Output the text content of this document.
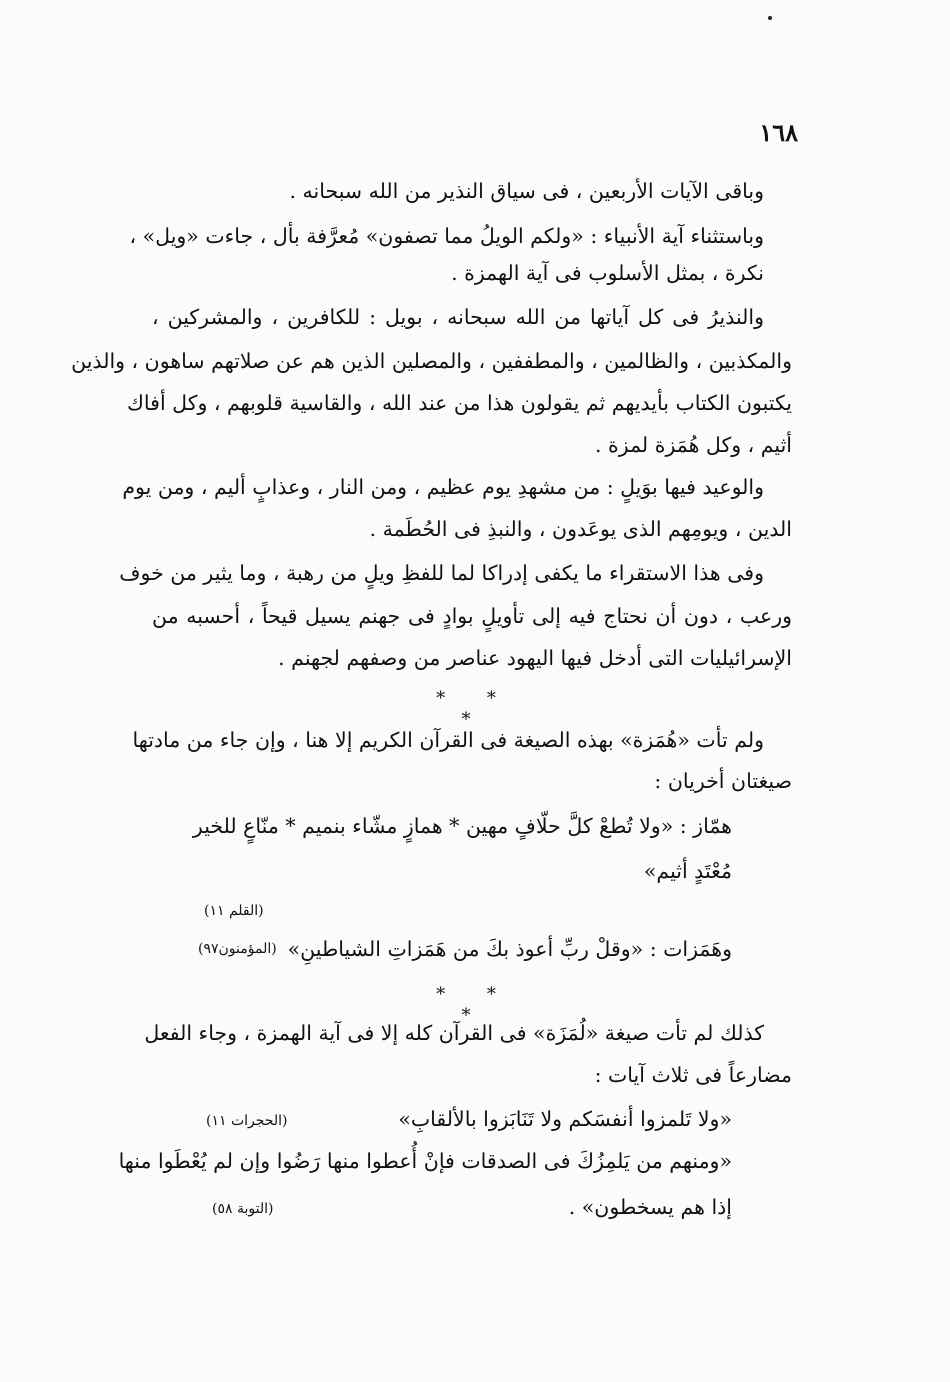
١٦٨
وباقى الآيات الأربعين ، فى سياق النذير من الله سبحانه .
وباستثناء آية الأنبياء : «ولكم الويلُ مما تصفون» مُعرَّفة بأل ، جاءت «ويل» ،
نكرة ، بمثل الأسلوب فى آية الهمزة .
والنذيرُ فى كل آياتها من الله سبحانه ، بويل : للكافرين ، والمشركين ،
والمكذبين ، والظالمين ، والمطففين ، والمصلين الذين هم عن صلاتهم ساهون ، والذين
يكتبون الكتاب بأيديهم ثم يقولون هذا من عند الله ، والقاسية قلوبهم ، وكل أفاك
أثيم ، وكل هُمَزة لمزة .
والوعيد فيها بوَيلٍ : من مشهدِ يوم عظيم ، ومن النار ، وعذابٍ أليم ، ومن يوم
الدين ، ويومِهم الذى يوعَدون ، والنبذِ فى الحُطَمة .
وفى هذا الاستقراء ما يكفى إدراكا لما للفظِ ويلٍ من رهبة ، وما يثير من خوف
ورعب ، دون أن نحتاج فيه إلى تأويلٍ بوادٍ فى جهنم يسيل قيحاً ، أحسبه من
الإسرائيليات التى أدخل فيها اليهود عناصر من وصفهم لجهنم .
* * *
ولم تأت «هُمَزة» بهذه الصيغة فى القرآن الكريم إلا هنا ، وإن جاء من مادتها
صيغتان أخريان :
همّاز : «ولا تُطعْ كلَّ حلّافٍ مهين * همازٍ مشّاء بنميم * منّاعٍ للخير
مُعْتَدٍ أثيم»
(القلم ١١)
وهَمَزات : «وقلْ ربِّ أعوذ بكَ من هَمَزاتِ الشياطينِ»
(المؤمنون٩٧)
* * *
كذلك لم تأت صيغة «لُمَزَة» فى القرآن كله إلا فى آية الهمزة ، وجاء الفعل
مضارعاً فى ثلاث آيات :
«ولا تَلمزوا أنفسَكم ولا تَنَابَزوا بالألقابِ»
(الحجرات ١١)
«ومنهم من يَلمِزُكَ فى الصدقات فإنْ أُعطوا منها رَضُوا وإن لم يُعْطَوا منها
إذا هم يسخطون» .
(التوبة ٥٨)
